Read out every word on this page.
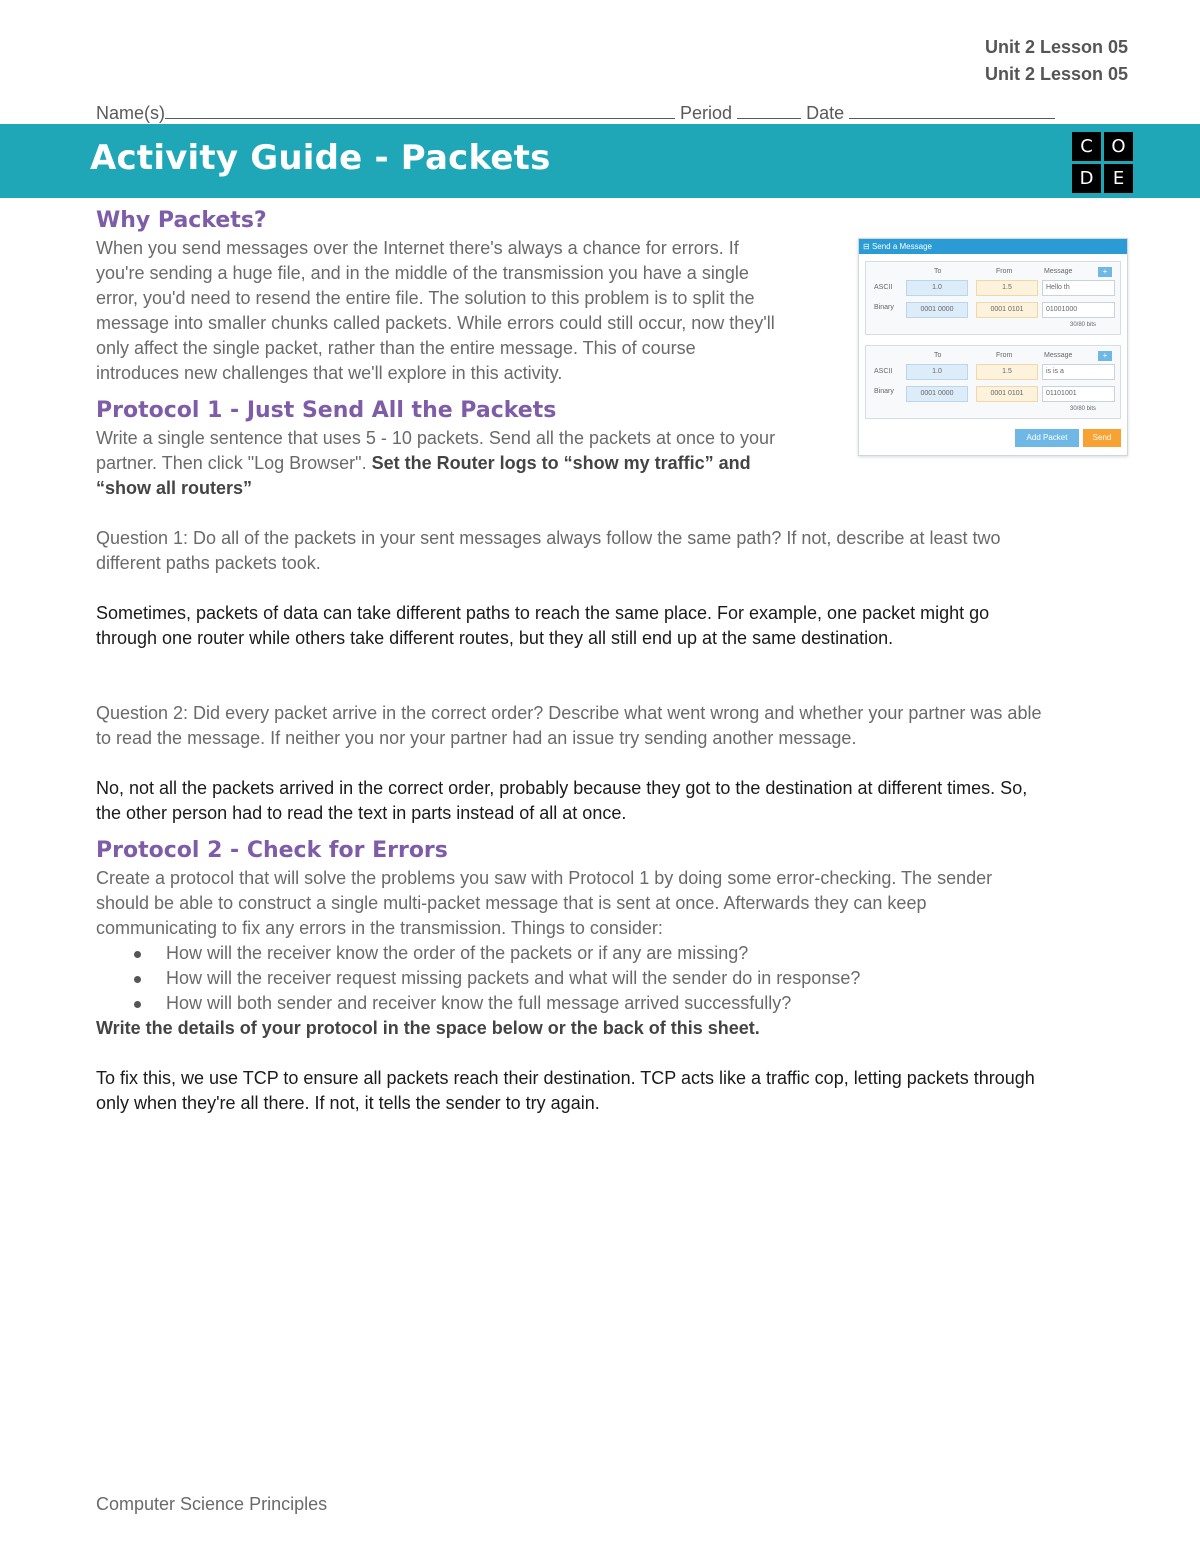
Unit 2 Lesson 05
Unit 2 Lesson 05
Name(s)	Period	Date
Activity Guide - Packets	C	O
D	E
Why Packets?
When you send messages over the Internet there's always a chance for errors. If
you're sending a huge file, and in the middle of the transmission you have a single
error, you'd need to resend the entire file. The solution to this problem is to split the
message into smaller chunks called packets. While errors could still occur, now they'll
only affect the single packet, rather than the entire message. This of course
introduces new challenges that we'll explore in this activity.
⊟ Send a Message
To	From	Message	+
ASCII
Binary
1.0	1.5	Hello th
0001 0000	0001 0101	01001000
30/80 bits
To	From	Message	+
ASCII
Binary
1.0	1.5	is is a
0001 0000	0001 0101	01101001
30/80 bits
Add Packet	Send
Protocol 1 - Just Send All the Packets
Write a single sentence that uses 5 - 10 packets. Send all the packets at once to your
partner. Then click "Log Browser". Set the Router logs to “show my traffic” and
“show all routers”
Question 1: Do all of the packets in your sent messages always follow the same path? If not, describe at least two
different paths packets took.
Sometimes, packets of data can take different paths to reach the same place. For example, one packet might go
through one router while others take different routes, but they all still end up at the same destination.
Question 2: Did every packet arrive in the correct order? Describe what went wrong and whether your partner was able
to read the message. If neither you nor your partner had an issue try sending another message.
No, not all the packets arrived in the correct order, probably because they got to the destination at different times. So,
the other person had to read the text in parts instead of all at once.
Protocol 2 - Check for Errors
Create a protocol that will solve the problems you saw with Protocol 1 by doing some error-checking. The sender
should be able to construct a single multi-packet message that is sent at once. Afterwards they can keep
communicating to fix any errors in the transmission. Things to consider:
How will the receiver know the order of the packets or if any are missing?
How will the receiver request missing packets and what will the sender do in response?
How will both sender and receiver know the full message arrived successfully?
Write the details of your protocol in the space below or the back of this sheet.
To fix this, we use TCP to ensure all packets reach their destination. TCP acts like a traffic cop, letting packets through
only when they're all there. If not, it tells the sender to try again.
Computer Science Principles
